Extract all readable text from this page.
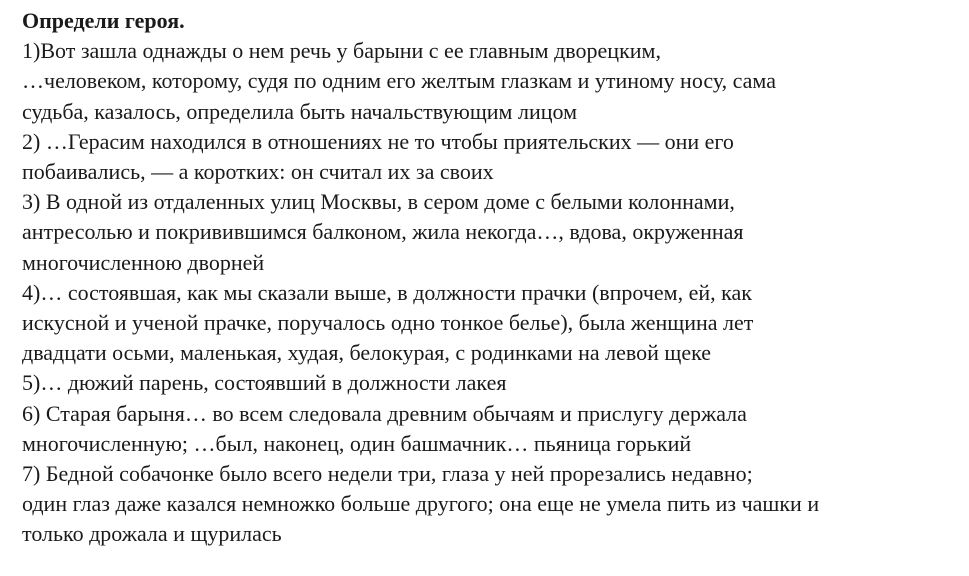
Определи героя.
1)Вот зашла однажды о нем речь у барыни с ее главным дворецким,
…человеком, которому, судя по одним его желтым глазкам и утиному носу, сама
судьба, казалось, определила быть начальствующим лицом
2) …Герасим находился в отношениях не то чтобы приятельских — они его
побаивались, — а коротких: он считал их за своих
3) В одной из отдаленных улиц Москвы, в сером доме с белыми колоннами,
антресолью и покривившимся балконом, жила некогда…, вдова, окруженная
многочисленною дворней
4)… состоявшая, как мы сказали выше, в должности прачки (впрочем, ей, как
искусной и ученой прачке, поручалось одно тонкое белье), была женщина лет
двадцати осьми, маленькая, худая, белокурая, с родинками на левой щеке
5)… дюжий парень, состоявший в должности лакея
6) Старая барыня… во всем следовала древним обычаям и прислугу держала
многочисленную; …был, наконец, один башмачник… пьяница горький
7) Бедной собачонке было всего недели три, глаза у ней прорезались недавно;
один глаз даже казался немножко больше другого; она еще не умела пить из чашки и
только дрожала и щурилась
